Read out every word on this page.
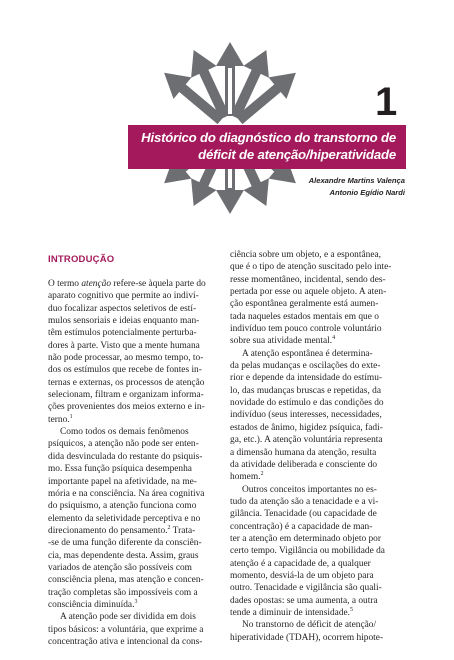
1
Histórico do diagnóstico do transtorno de
déficit de atenção/hiperatividade
Alexandre Martins Valença
Antonio Egídio Nardi
INTRODUÇÃO
O termo atenção refere-se àquela parte do
aparato cognitivo que permite ao indiví-
duo focalizar aspectos seletivos de estí-
mulos sensoriais e ideias enquanto man-
têm estímulos potencialmente perturba-
dores à parte. Visto que a mente humana
não pode processar, ao mesmo tempo, to-
dos os estímulos que recebe de fontes in-
ternas e externas, os processos de atenção
selecionam, filtram e organizam informa-
ções provenientes dos meios externo e in-
terno.$^1$
Como todos os demais fenômenos
psíquicos, a atenção não pode ser enten-
dida desvinculada do restante do psiquis-
mo. Essa função psíquica desempenha
importante papel na afetividade, na me-
mória e na consciência. Na área cognitiva
do psiquismo, a atenção funciona como
elemento da seletividade perceptiva e no
direcionamento do pensamento.$^2$ Trata-
-se de uma função diferente da consciên-
cia, mas dependente desta. Assim, graus
variados de atenção são possíveis com
consciência plena, mas atenção e concen-
tração completas são impossíveis com a
consciência diminuída.$^3$
A atenção pode ser dividida em dois
tipos básicos: a voluntária, que exprime a
concentração ativa e intencional da cons-
ciência sobre um objeto, e a espontânea,
que é o tipo de atenção suscitado pelo inte-
resse momentâneo, incidental, sendo des-
pertada por esse ou aquele objeto. A aten-
ção espontânea geralmente está aumen-
tada naqueles estados mentais em que o
indivíduo tem pouco controle voluntário
sobre sua atividade mental.$^4$
A atenção espontânea é determina-
da pelas mudanças e oscilações do exte-
rior e depende da intensidade do estímu-
lo, das mudanças bruscas e repetidas, da
novidade do estímulo e das condições do
indivíduo (seus interesses, necessidades,
estados de ânimo, higidez psíquica, fadi-
ga, etc.). A atenção voluntária representa
a dimensão humana da atenção, resulta
da atividade deliberada e consciente do
homem.$^2$
Outros conceitos importantes no es-
tudo da atenção são a tenacidade e a vi-
gilância. Tenacidade (ou capacidade de
concentração) é a capacidade de man-
ter a atenção em determinado objeto por
certo tempo. Vigilância ou mobilidade da
atenção é a capacidade de, a qualquer
momento, desviá-la de um objeto para
outro. Tenacidade e vigilância são quali-
dades opostas: se uma aumenta, a outra
tende a diminuir de intensidade.$^5$
No transtorno de déficit de atenção/
hiperatividade (TDAH), ocorrem hipote-
